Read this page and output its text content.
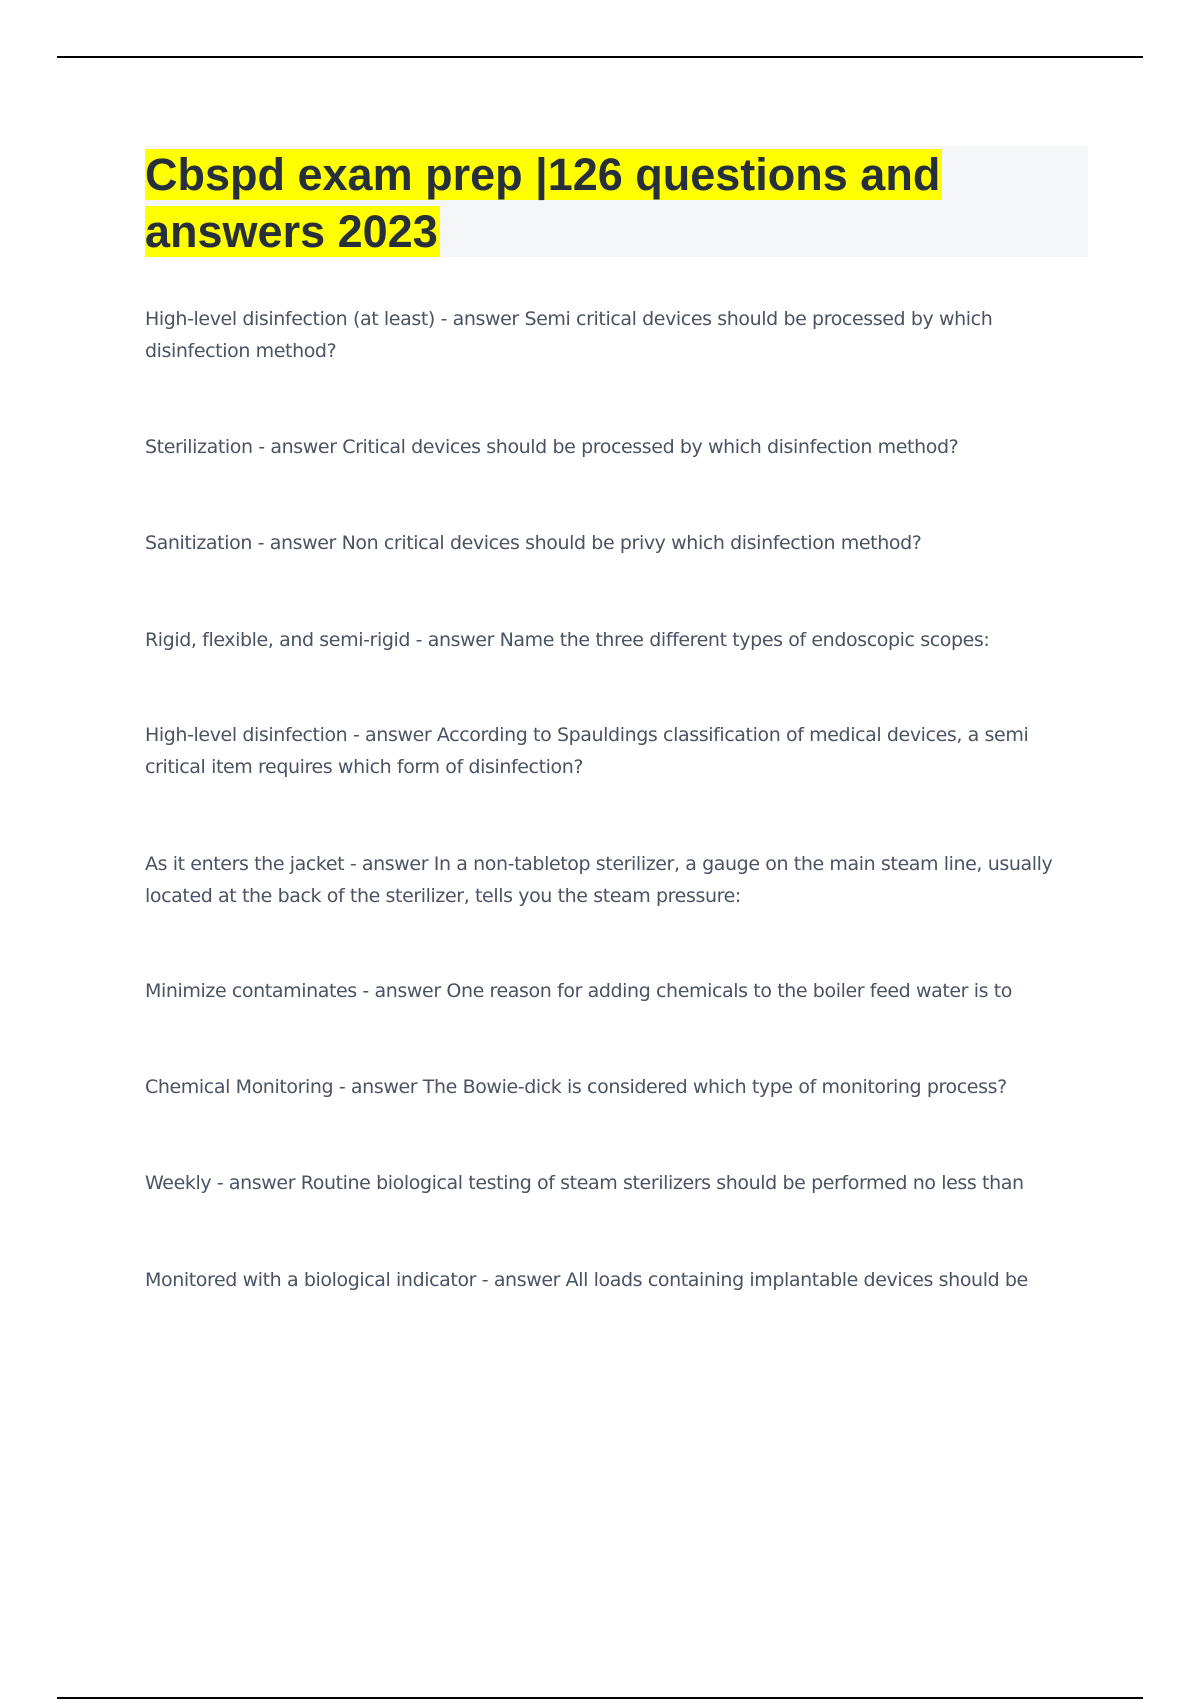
Cbspd exam prep |126 questions and answers 2023
High-level disinfection (at least) - answer Semi critical devices should be processed by which disinfection method?
Sterilization - answer Critical devices should be processed by which disinfection method?
Sanitization - answer Non critical devices should be privy which disinfection method?
Rigid, flexible, and semi-rigid - answer Name the three different types of endoscopic scopes:
High-level disinfection - answer According to Spauldings classification of medical devices, a semi critical item requires which form of disinfection?
As it enters the jacket - answer In a non-tabletop sterilizer, a gauge on the main steam line, usually located at the back of the sterilizer, tells you the steam pressure:
Minimize contaminates - answer One reason for adding chemicals to the boiler feed water is to
Chemical Monitoring - answer The Bowie-dick is considered which type of monitoring process?
Weekly - answer Routine biological testing of steam sterilizers should be performed no less than
Monitored with a biological indicator - answer All loads containing implantable devices should be
